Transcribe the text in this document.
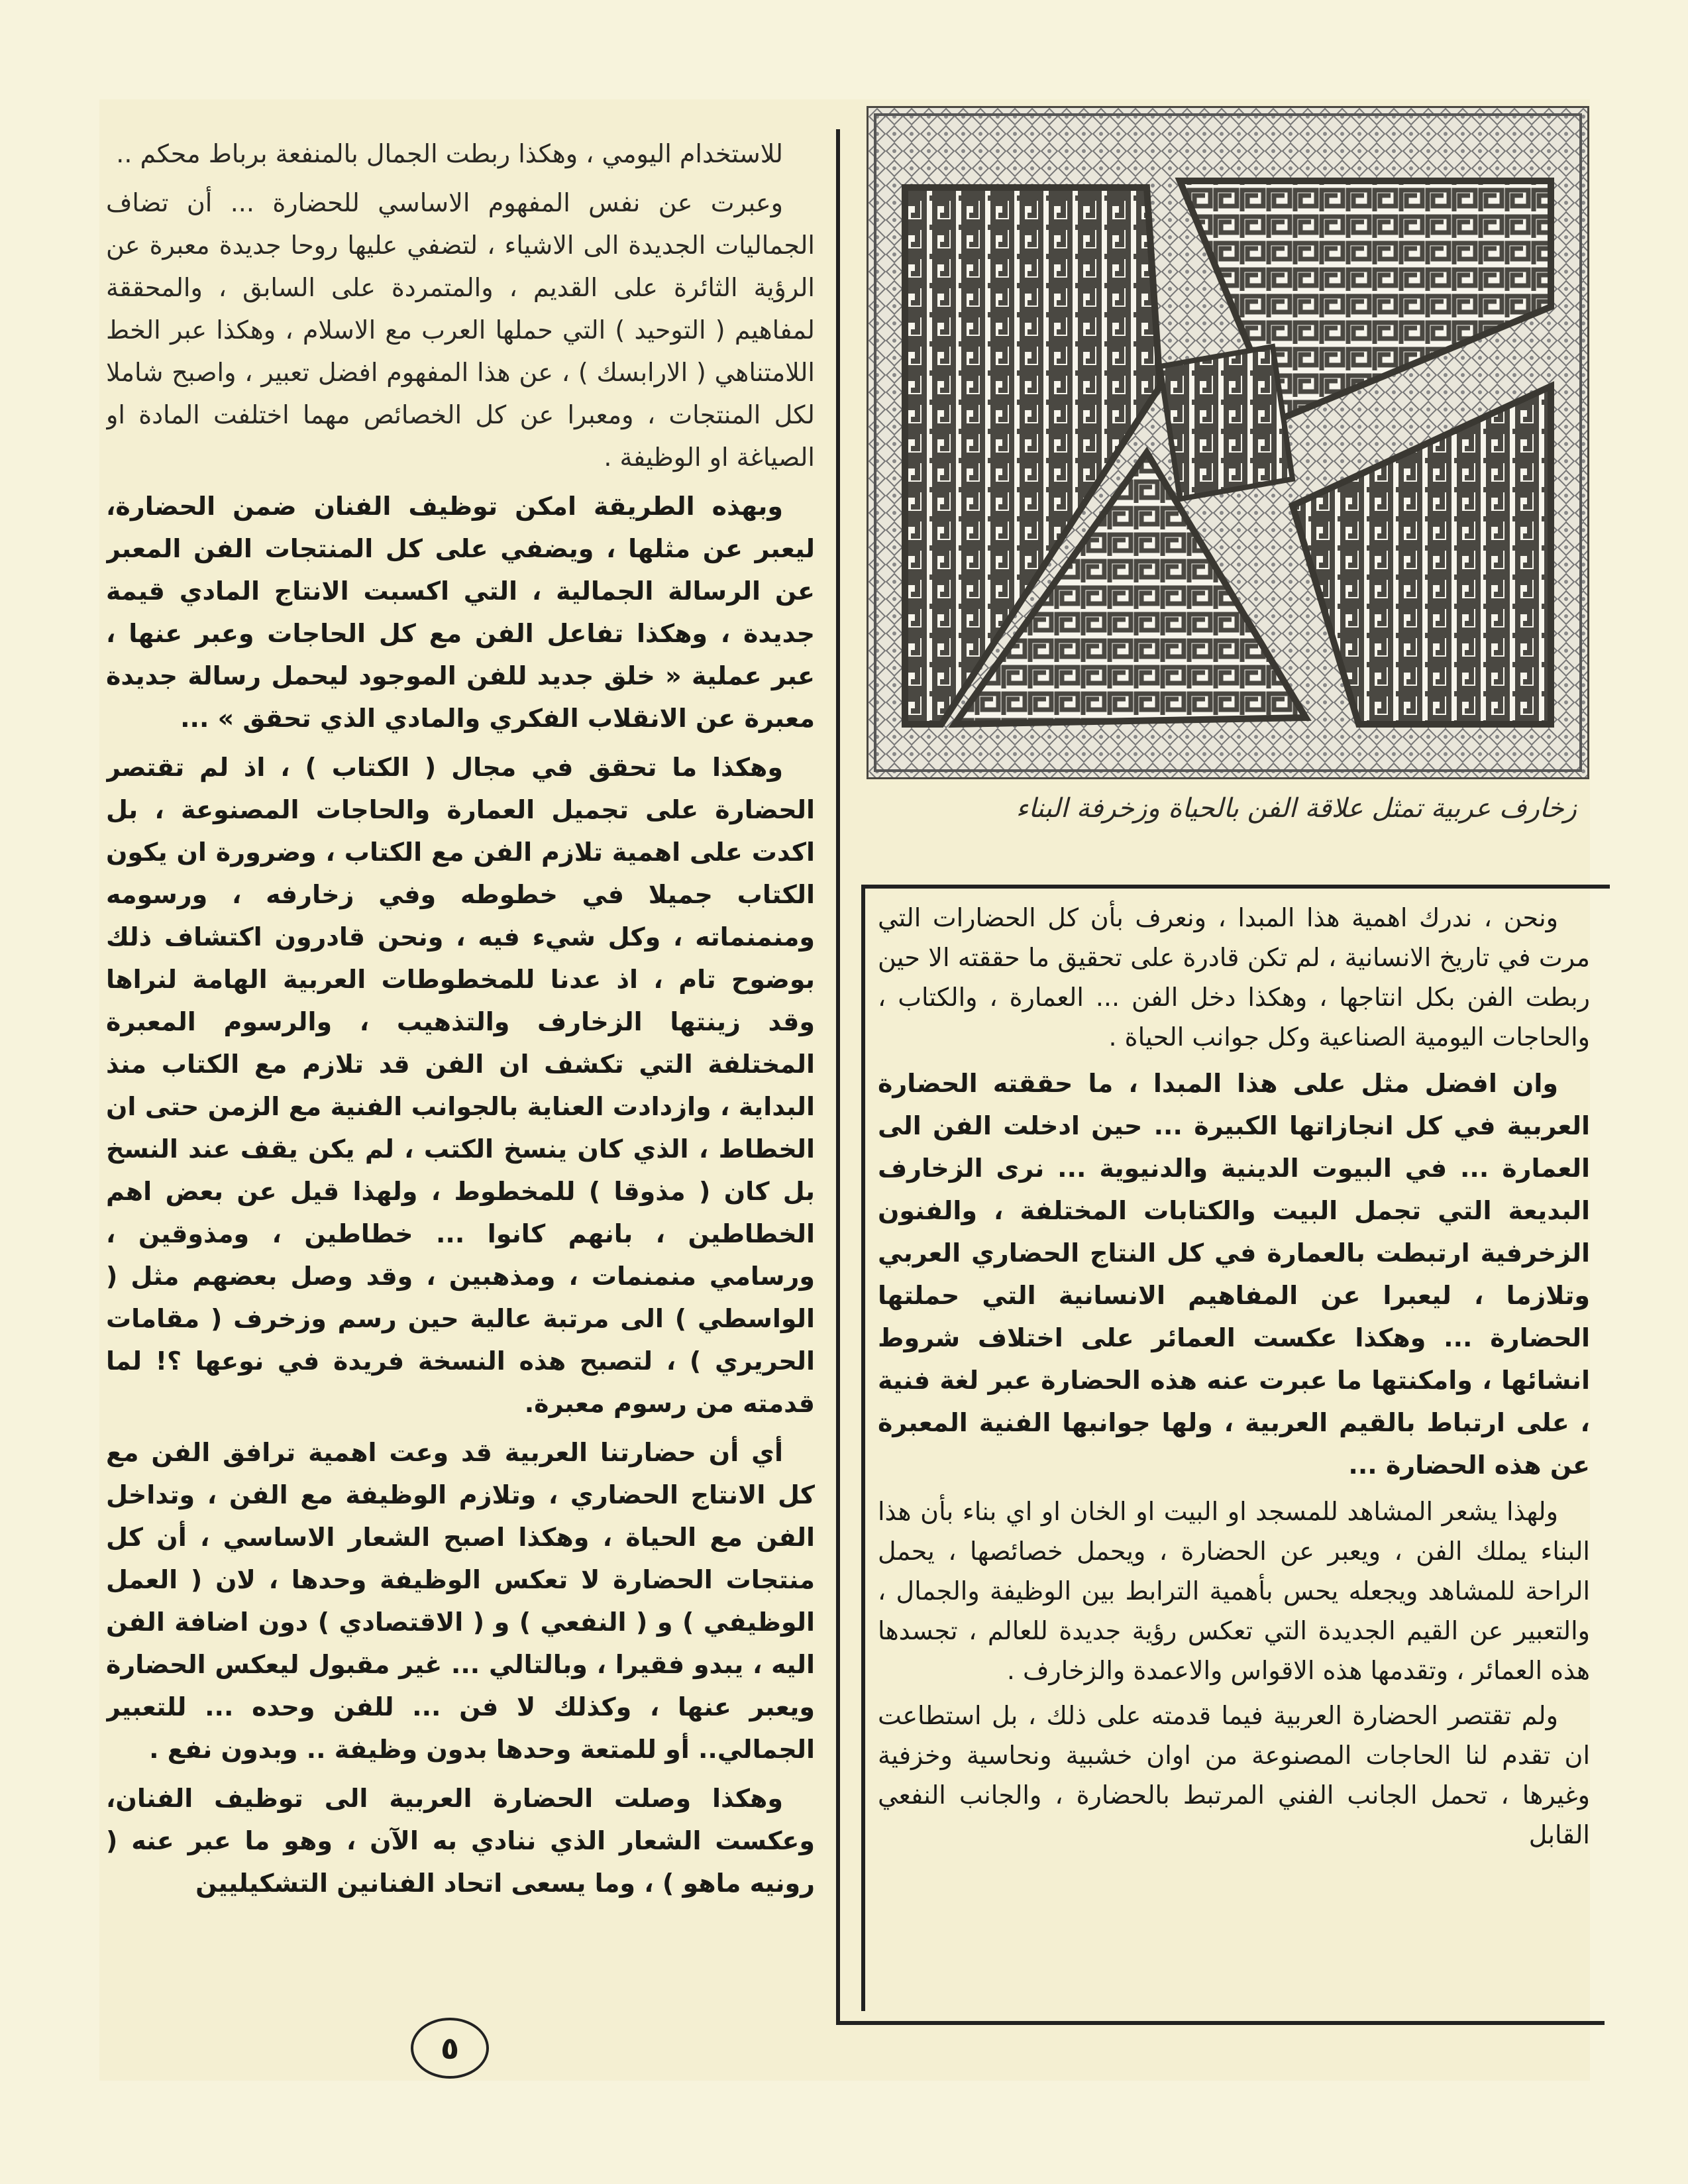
للاستخدام اليومي ، وهكذا ربطت الجمال بالمنفعة برباط محكم ..

وعبرت عن نفس المفهوم الاساسي للحضارة ... أن تضاف الجماليات الجديدة الى الاشياء ، لتضفي عليها روحا جديدة معبرة عن الرؤية الثائرة على القديم ، والمتمردة على السابق ، والمحققة لمفاهيم ( التوحيد ) التي حملها العرب مع الاسلام ، وهكذا عبر الخط اللامتناهي ( الارابسك ) ، عن هذا المفهوم افضل تعبير ، واصبح شاملا لكل المنتجات ، ومعبرا عن كل الخصائص مهما اختلفت المادة او الصياغة او الوظيفة .

وبهذه الطريقة امكن توظيف الفنان ضمن الحضارة، ليعبر عن مثلها ، ويضفي على كل المنتجات الفن المعبر عن الرسالة الجمالية ، التي اكسبت الانتاج المادي قيمة جديدة ، وهكذا تفاعل الفن مع كل الحاجات وعبر عنها ، عبر عملية « خلق جديد للفن الموجود ليحمل رسالة جديدة معبرة عن الانقلاب الفكري والمادي الذي تحقق » ...

وهكذا ما تحقق في مجال ( الكتاب ) ، اذ لم تقتصر الحضارة على تجميل العمارة والحاجات المصنوعة ، بل اكدت على اهمية تلازم الفن مع الكتاب ، وضرورة ان يكون الكتاب جميلا في خطوطه وفي زخارفه ، ورسومه ومنمنماته ، وكل شيء فيه ، ونحن قادرون اكتشاف ذلك بوضوح تام ، اذ عدنا للمخطوطات العربية الهامة لنراها وقد زينتها الزخارف والتذهيب ، والرسوم المعبرة المختلفة التي تكشف ان الفن قد تلازم مع الكتاب منذ البداية ، وازدادت العناية بالجوانب الفنية مع الزمن حتى ان الخطاط ، الذي كان ينسخ الكتب ، لم يكن يقف عند النسخ بل كان ( مذوقا ) للمخطوط ، ولهذا قيل عن بعض اهم الخطاطين ، بانهم كانوا ... خطاطين ، ومذوقين ، ورسامي منمنمات ، ومذهبين ، وقد وصل بعضهم مثل ( الواسطي ) الى مرتبة عالية حين رسم وزخرف ( مقامات الحريري ) ، لتصبح هذه النسخة فريدة في نوعها ؟! لما قدمته من رسوم معبرة.

أي أن حضارتنا العربية قد وعت اهمية ترافق الفن مع كل الانتاج الحضاري ، وتلازم الوظيفة مع الفن ، وتداخل الفن مع الحياة ، وهكذا اصبح الشعار الاساسي ، أن كل منتجات الحضارة لا تعكس الوظيفة وحدها ، لان ( العمل الوظيفي ) و ( النفعي ) و ( الاقتصادي ) دون اضافة الفن اليه ، يبدو فقيرا ، وبالتالي ... غير مقبول ليعكس الحضارة ويعبر عنها ، وكذلك لا فن ... للفن وحده ... للتعبير الجمالي.. أو للمتعة وحدها بدون وظيفة .. وبدون نفع .

وهكذا وصلت الحضارة العربية الى توظيف الفنان، وعكست الشعار الذي ننادي به الآن ، وهو ما عبر عنه ( رونيه ماهو ) ، وما يسعى اتحاد الفنانين التشكيليين

زخارف عربية تمثل علاقة الفن بالحياة وزخرفة البناء

ونحن ، ندرك اهمية هذا المبدا ، ونعرف بأن كل الحضارات التي مرت في تاريخ الانسانية ، لم تكن قادرة على تحقيق ما حققته الا حين ربطت الفن بكل انتاجها ، وهكذا دخل الفن ... العمارة ، والكتاب ، والحاجات اليومية الصناعية وكل جوانب الحياة .

وان افضل مثل على هذا المبدا ، ما حققته الحضارة العربية في كل انجازاتها الكبيرة ... حين ادخلت الفن الى العمارة ... في البيوت الدينية والدنيوية ... نرى الزخارف البديعة التي تجمل البيت والكتابات المختلفة ، والفنون الزخرفية ارتبطت بالعمارة في كل النتاج الحضاري العربي وتلازما ، ليعبرا عن المفاهيم الانسانية التي حملتها الحضارة ... وهكذا عكست العمائر على اختلاف شروط انشائها ، وامكنتها ما عبرت عنه هذه الحضارة عبر لغة فنية ، على ارتباط بالقيم العربية ، ولها جوانبها الفنية المعبرة عن هذه الحضارة ...

ولهذا يشعر المشاهد للمسجد او البيت او الخان او اي بناء بأن هذا البناء يملك الفن ، ويعبر عن الحضارة ، ويحمل خصائصها ، يحمل الراحة للمشاهد ويجعله يحس بأهمية الترابط بين الوظيفة والجمال ، والتعبير عن القيم الجديدة التي تعكس رؤية جديدة للعالم ، تجسدها هذه العمائر ، وتقدمها هذه الاقواس والاعمدة والزخارف .

ولم تقتصر الحضارة العربية فيما قدمته على ذلك ، بل استطاعت ان تقدم لنا الحاجات المصنوعة من اوان خشبية ونحاسية وخزفية وغيرها ، تحمل الجانب الفني المرتبط بالحضارة ، والجانب النفعي القابل

٥
